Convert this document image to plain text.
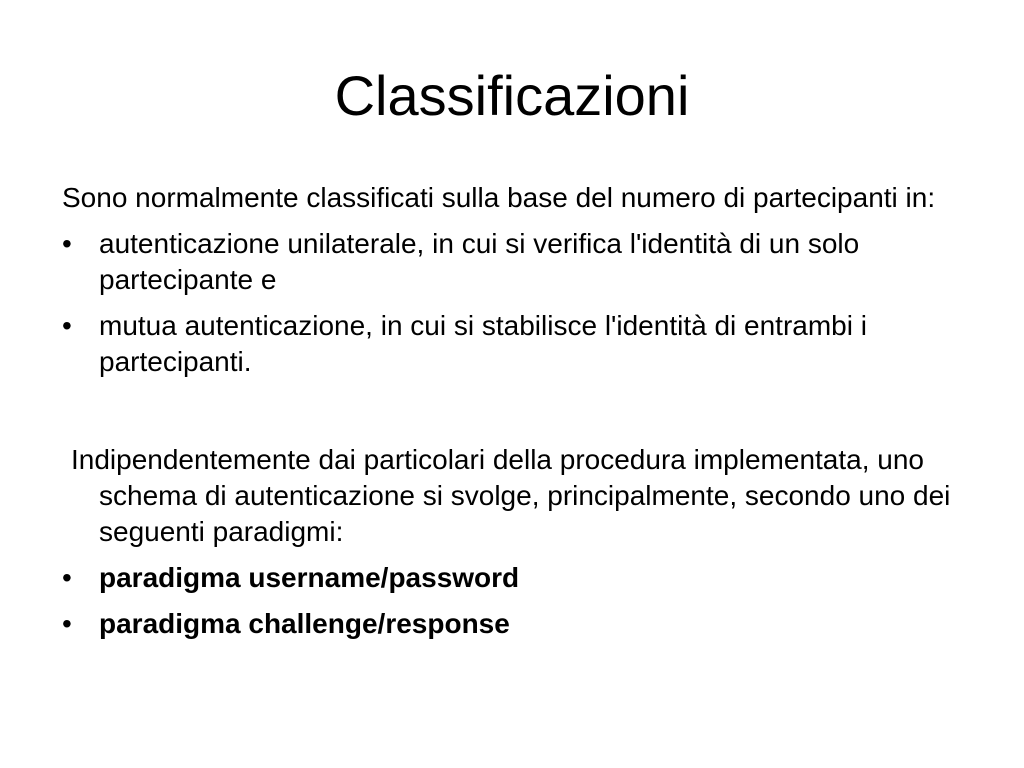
Classificazioni

Sono normalmente classificati sulla base del numero di partecipanti in:

• autenticazione unilaterale, in cui si verifica l'identità di un solo partecipante e
• mutua autenticazione, in cui si stabilisce l'identità di entrambi i partecipanti.

Indipendentemente dai particolari della procedura implementata, uno schema di autenticazione si svolge, principalmente, secondo uno dei seguenti paradigmi:

• paradigma username/password
• paradigma challenge/response
